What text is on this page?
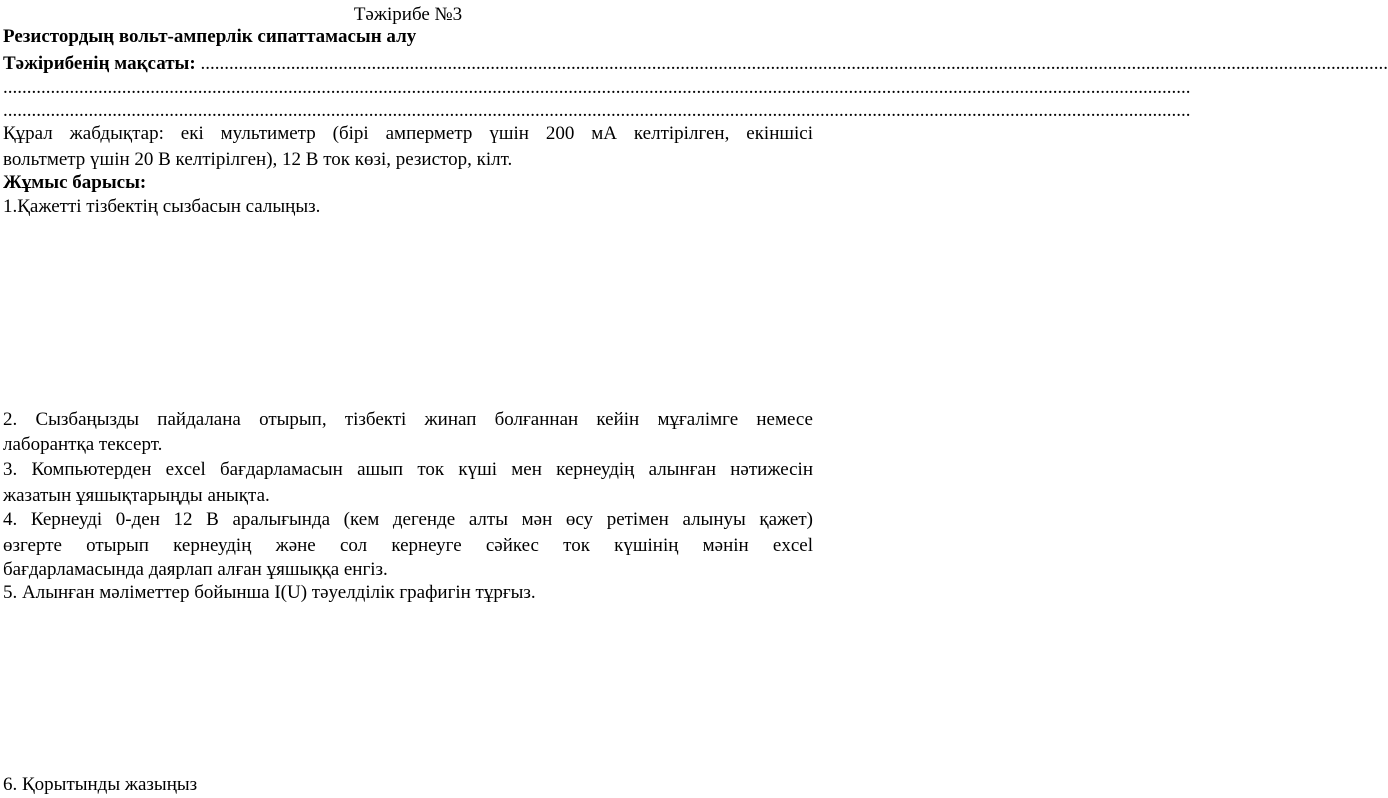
Тәжірибе №3
Резистордың вольт-амперлік сипаттамасын алу
Тәжірибенің мақсаты: ..........................................................................................................................................................................................................................................................
..........................................................................................................................................................................................................................................................
..........................................................................................................................................................................................................................................................
Құрал жабдықтар: екі мультиметр (бірі амперметр үшін 200 мА келтірілген, екіншісі
вольтметр үшін 20 В келтірілген), 12 В ток көзі, резистор, кілт.
Жұмыс барысы:
1.Қажетті тізбектің сызбасын салыңыз.
2. Сызбаңызды пайдалана отырып, тізбекті жинап болғаннан кейін мұғалімге немесе
лаборантқа тексерт.
3. Компьютерден excel бағдарламасын ашып ток күші мен кернеудің алынған нәтижесін
жазатын ұяшықтарыңды анықта.
4. Кернеуді 0-ден 12 В аралығында (кем дегенде алты мән өсу ретімен алынуы қажет)
өзгерте отырып кернеудің және сол кернеуге сәйкес ток күшінің мәнін excel
бағдарламасында даярлап алған ұяшыққа енгіз.
5. Алынған мәліметтер бойынша I(U) тәуелділік графигін тұрғыз.
6. Қорытынды жазыңыз
